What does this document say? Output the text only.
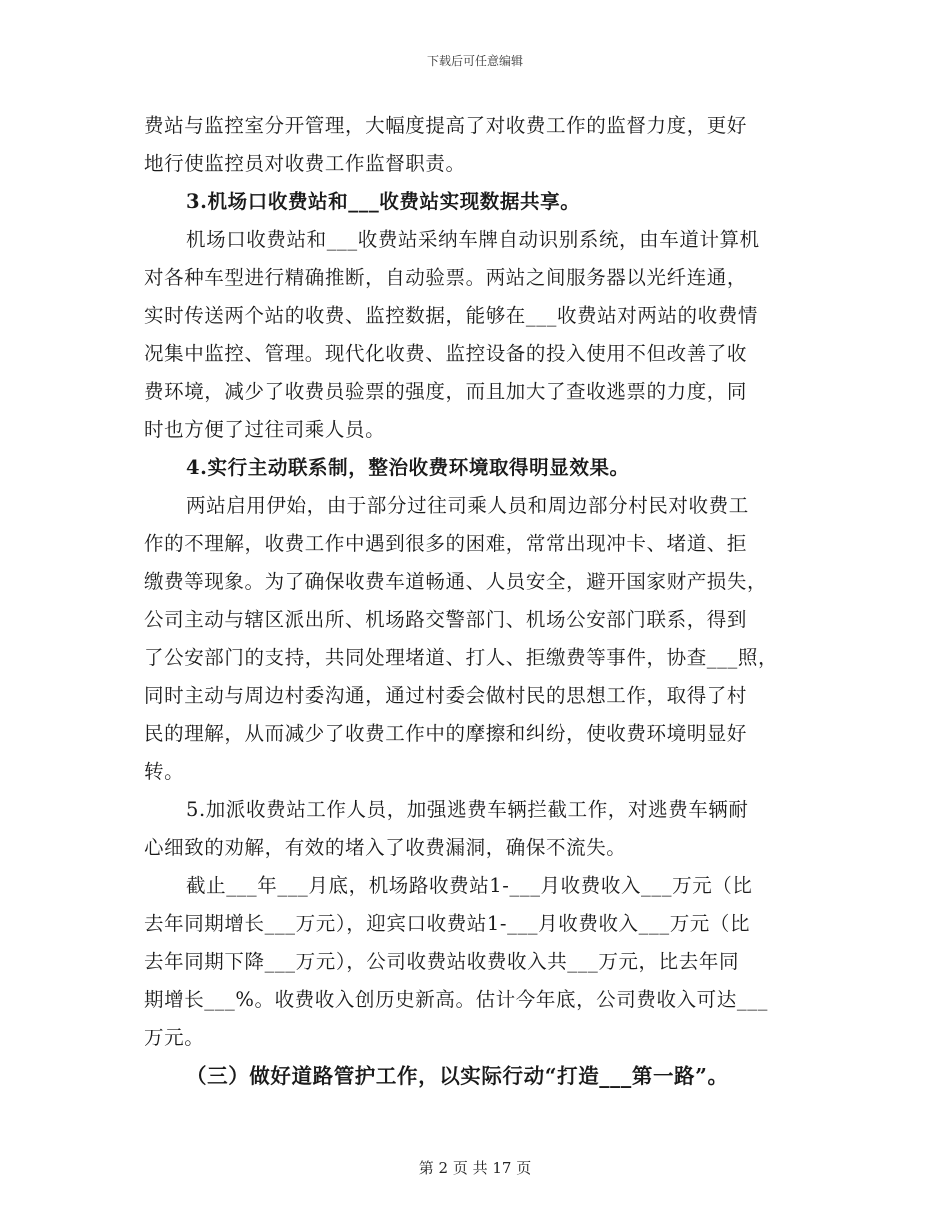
下载后可任意编辑
费站与监控室分开管理，大幅度提高了对收费工作的监督力度，更好
地行使监控员对收费工作监督职责。
3.机场口收费站和___收费站实现数据共享。
机场口收费站和___收费站采纳车牌自动识别系统，由车道计算机
对各种车型进行精确推断，自动验票。两站之间服务器以光纤连通，
实时传送两个站的收费、监控数据，能够在___收费站对两站的收费情
况集中监控、管理。现代化收费、监控设备的投入使用不但改善了收
费环境，减少了收费员验票的强度，而且加大了查收逃票的力度，同
时也方便了过往司乘人员。
4.实行主动联系制，整治收费环境取得明显效果。
两站启用伊始，由于部分过往司乘人员和周边部分村民对收费工
作的不理解，收费工作中遇到很多的困难，常常出现冲卡、堵道、拒
缴费等现象。为了确保收费车道畅通、人员安全，避开国家财产损失，
公司主动与辖区派出所、机场路交警部门、机场公安部门联系，得到
了公安部门的支持，共同处理堵道、打人、拒缴费等事件，协查___照，
同时主动与周边村委沟通，通过村委会做村民的思想工作，取得了村
民的理解，从而减少了收费工作中的摩擦和纠纷，使收费环境明显好
转。
5.加派收费站工作人员，加强逃费车辆拦截工作，对逃费车辆耐
心细致的劝解，有效的堵入了收费漏洞，确保不流失。
截止___年___月底，机场路收费站1-___月收费收入___万元（比
去年同期增长___万元），迎宾口收费站1-___月收费收入___万元（比
去年同期下降___万元），公司收费站收费收入共___万元，比去年同
期增长___%。收费收入创历史新高。估计今年底，公司费收入可达___
万元。
（三）做好道路管护工作，以实际行动“打造___第一路”。
第 2 页 共 17 页
